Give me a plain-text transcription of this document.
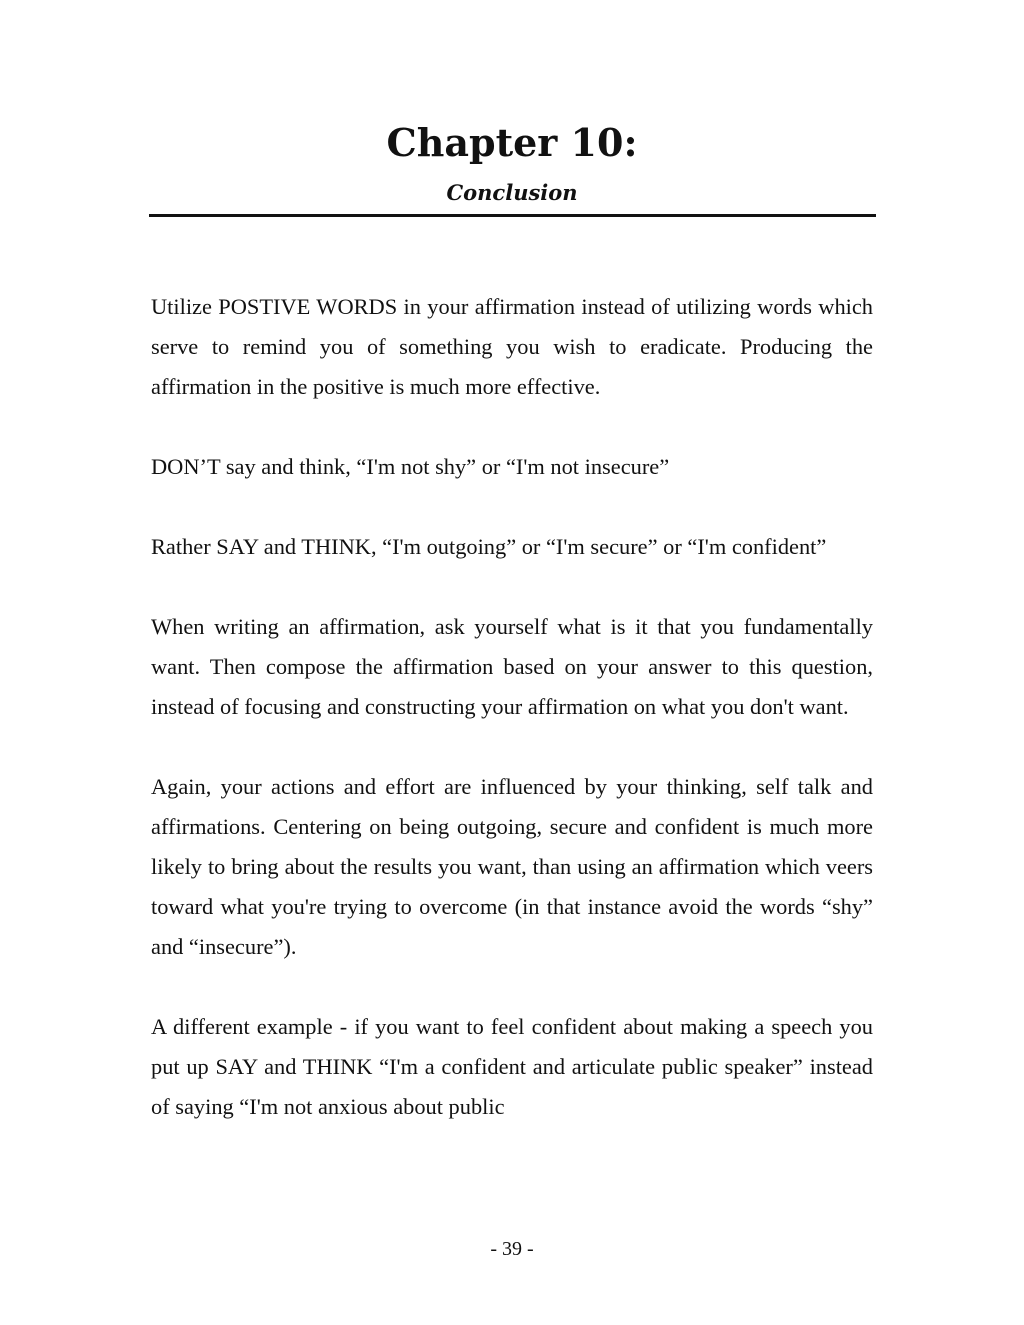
Chapter 10:
Conclusion

Utilize POSTIVE WORDS in your affirmation instead of utilizing words which serve to remind you of something you wish to eradicate. Producing the affirmation in the positive is much more effective.

DON’T say and think, “I'm not shy” or “I'm not insecure”

Rather SAY and THINK, “I'm outgoing” or “I'm secure” or “I'm confident”

When writing an affirmation, ask yourself what is it that you fundamentally want. Then compose the affirmation based on your answer to this question, instead of focusing and constructing your affirmation on what you don't want.

Again, your actions and effort are influenced by your thinking, self talk and affirmations. Centering on being outgoing, secure and confident is much more likely to bring about the results you want, than using an affirmation which veers toward what you're trying to overcome (in that instance avoid the words “shy” and “insecure”).

A different example - if you want to feel confident about making a speech you put up SAY and THINK “I'm a confident and articulate public speaker” instead of saying “I'm not anxious about public

- 39 -
